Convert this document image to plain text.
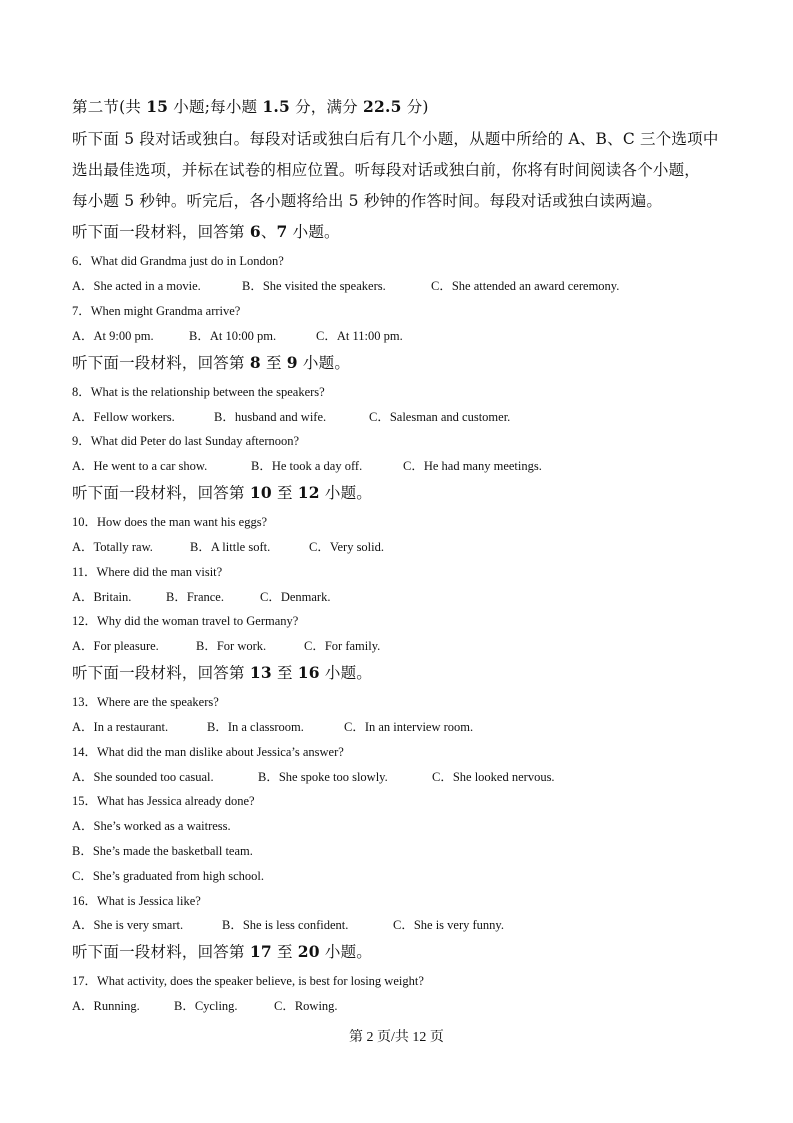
第二节(共 15 小题;每小题 1.5 分，满分 22.5 分)
听下面 5 段对话或独白。每段对话或独白后有几个小题，从题中所给的 A、B、C 三个选项中
选出最佳选项，并标在试卷的相应位置。听每段对话或独白前，你将有时间阅读各个小题，
每小题 5 秒钟。听完后，各小题将给出 5 秒钟的作答时间。每段对话或独白读两遍。
听下面一段材料，回答第 6、7 小题。
6．What did Grandma just do in London?
A．She acted in a movie.	B．She visited the speakers.	C．She attended an award ceremony.
7．When might Grandma arrive?
A．At 9:00 pm.	B．At 10:00 pm.	C．At 11:00 pm.
听下面一段材料，回答第 8 至 9 小题。
8．What is the relationship between the speakers?
A．Fellow workers.	B．husband and wife.	C．Salesman and customer.
9．What did Peter do last Sunday afternoon?
A．He went to a car show.	B．He took a day off.	C．He had many meetings.
听下面一段材料，回答第 10 至 12 小题。
10．How does the man want his eggs?
A．Totally raw.	B．A little soft.	C．Very solid.
11．Where did the man visit?
A．Britain.	B．France.	C．Denmark.
12．Why did the woman travel to Germany?
A．For pleasure.	B．For work.	C．For family.
听下面一段材料，回答第 13 至 16 小题。
13．Where are the speakers?
A．In a restaurant.	B．In a classroom.	C．In an interview room.
14．What did the man dislike about Jessica’s answer?
A．She sounded too casual.	B．She spoke too slowly.	C．She looked nervous.
15．What has Jessica already done?
A．She’s worked as a waitress.
B．She’s made the basketball team.
C．She’s graduated from high school.
16．What is Jessica like?
A．She is very smart.	B．She is less confident.	C．She is very funny.
听下面一段材料，回答第 17 至 20 小题。
17．What activity, does the speaker believe, is best for losing weight?
A．Running.	B．Cycling.	C．Rowing.
第 2 页/共 12 页
